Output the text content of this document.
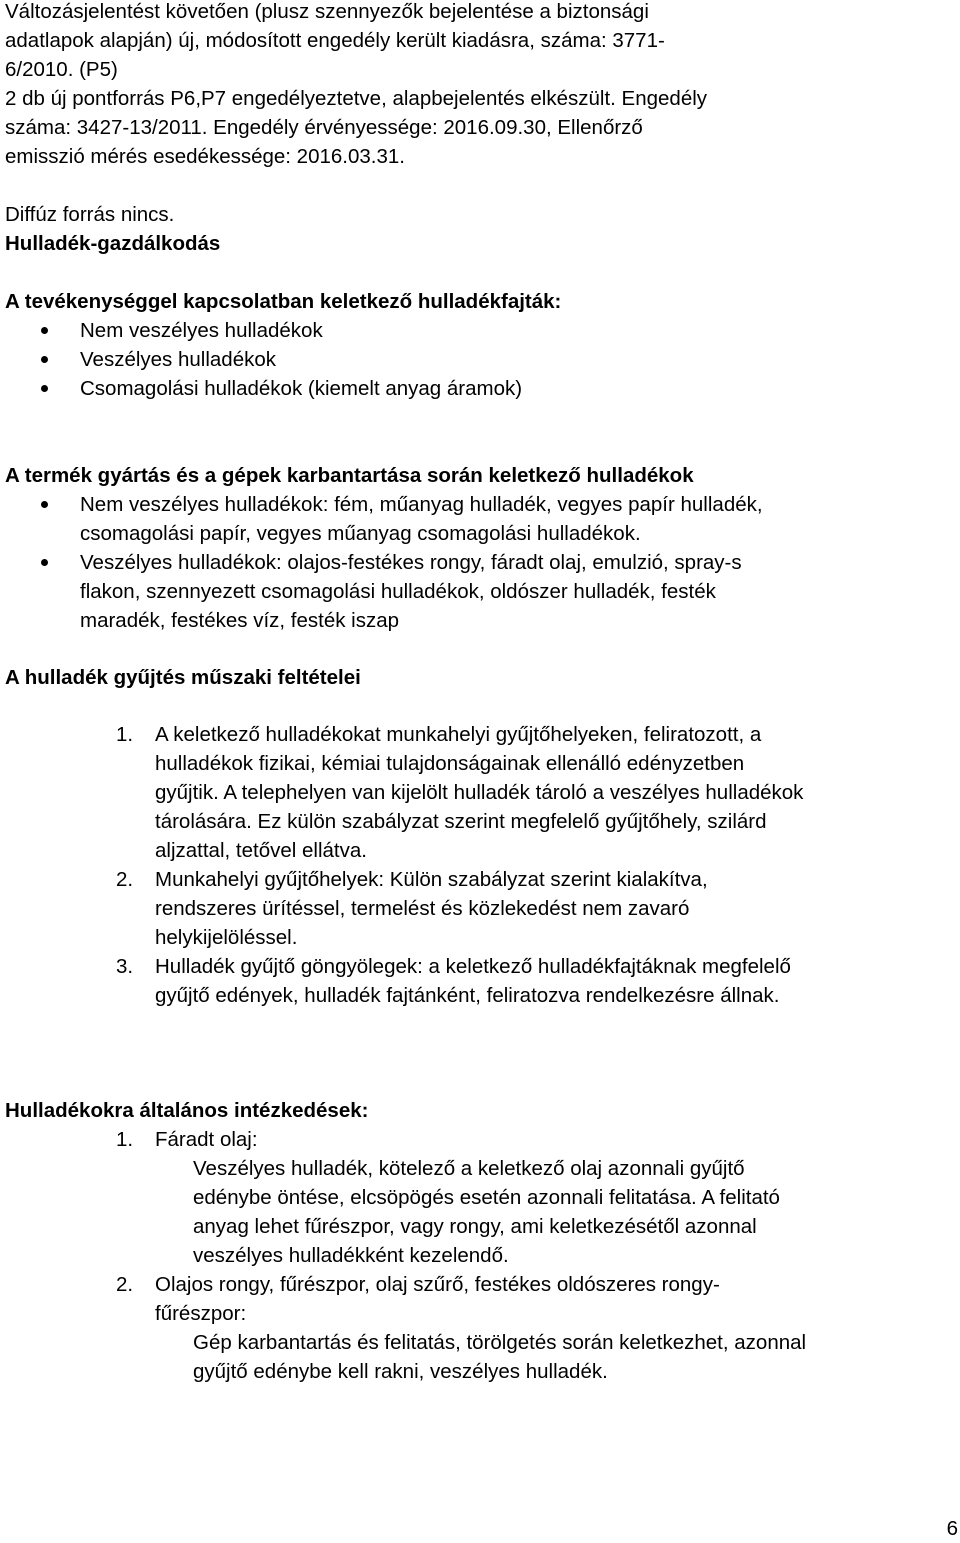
Változásjelentést követően (plusz szennyezők bejelentése a biztonsági
adatlapok alapján) új, módosított engedély került kiadásra, száma: 3771-
6/2010. (P5)
2 db új pontforrás P6,P7 engedélyeztetve, alapbejelentés elkészült. Engedély
száma: 3427-13/2011. Engedély érvényessége: 2016.09.30, Ellenőrző
emisszió mérés esedékessége: 2016.03.31.
Diffúz forrás nincs.
Hulladék-gazdálkodás
A tevékenységgel kapcsolatban keletkező hulladékfajták:
Nem veszélyes hulladékok
Veszélyes hulladékok
Csomagolási hulladékok (kiemelt anyag áramok)
A termék gyártás és a gépek karbantartása során keletkező hulladékok
Nem veszélyes hulladékok: fém, műanyag hulladék, vegyes papír hulladék,
csomagolási papír, vegyes műanyag csomagolási hulladékok.
Veszélyes hulladékok: olajos-festékes rongy, fáradt olaj, emulzió, spray-s
flakon, szennyezett csomagolási hulladékok, oldószer hulladék, festék
maradék, festékes víz, festék iszap
A hulladék gyűjtés műszaki feltételei
1. A keletkező hulladékokat munkahelyi gyűjtőhelyeken, feliratozott, a
hulladékok fizikai, kémiai tulajdonságainak ellenálló edényzetben
gyűjtik. A telephelyen van kijelölt hulladék tároló a veszélyes hulladékok
tárolására. Ez külön szabályzat szerint megfelelő gyűjtőhely, szilárd
aljzattal, tetővel ellátva.
2. Munkahelyi gyűjtőhelyek: Külön szabályzat szerint kialakítva,
rendszeres ürítéssel, termelést és közlekedést nem zavaró
helykijelöléssel.
3. Hulladék gyűjtő göngyölegek: a keletkező hulladékfajtáknak megfelelő
gyűjtő edények, hulladék fajtánként, feliratozva rendelkezésre állnak.
Hulladékokra általános intézkedések:
1. Fáradt olaj:
Veszélyes hulladék, kötelező a keletkező olaj azonnali gyűjtő
edénybe öntése, elcsöpögés esetén azonnali felitatása. A felitató
anyag lehet fűrészpor, vagy rongy, ami keletkezésétől azonnal
veszélyes hulladékként kezelendő.
2. Olajos rongy, fűrészpor, olaj szűrő, festékes oldószeres rongy-
fűrészpor:
Gép karbantartás és felitatás, törölgetés során keletkezhet, azonnal
gyűjtő edénybe kell rakni, veszélyes hulladék.
6
